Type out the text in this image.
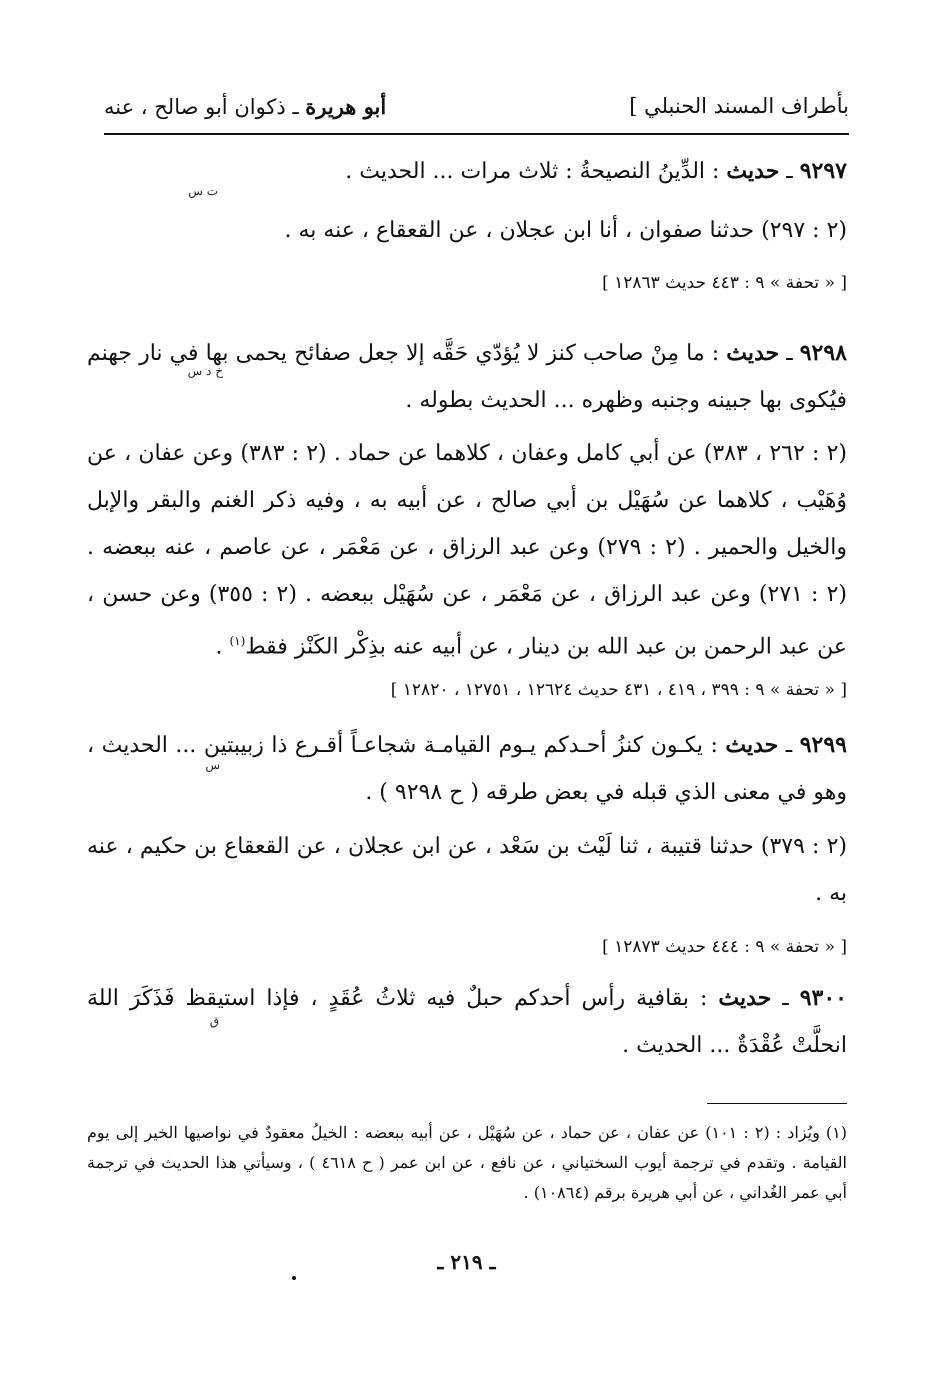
بأطراف المسند الحنبلي ]
أبو هريرة ـ ذكوان أبو صالح ، عنه
٩٢٩٧ ـ حديث : الدِّينُ النصيحةُ : ثلاث مرات ... الحديث .
ت س
(٢ : ٢٩٧) حدثنا صفوان ، أنا ابن عجلان ، عن القعقاع ، عنه به .
[ « تحفة » ٩ : ٤٤٣ حديث ١٢٨٦٣ ]
٩٢٩٨ ـ حديث : ما مِنْ صاحب كنز لا يُؤدّي حَقَّه إلا جعل صفائح يحمى بها في نار جهنم فيُكوى بها جبينه وجنبه وظهره ... الحديث بطوله .
خ د س
(٢ : ٢٦٢ ، ٣٨٣) عن أبي كامل وعفان ، كلاهما عن حماد . (٢ : ٣٨٣) وعن عفان ، عن وُهَيْب ، كلاهما عن سُهَيْل بن أبي صالح ، عن أبيه به ، وفيه ذكر الغنم والبقر والإبل والخيل والحمير . (٢ : ٢٧٩) وعن عبد الرزاق ، عن مَعْمَر ، عن عاصم ، عنه ببعضه . (٢ : ٢٧١) وعن عبد الرزاق ، عن مَعْمَر ، عن سُهَيْل ببعضه . (٢ : ٣٥٥) وعن حسن ، عن عبد الرحمن بن عبد الله بن دينار ، عن أبيه عنه بذِكْر الكَنْز فقط$^{(١)}$ .
[ « تحفة » ٩ : ٣٩٩ ، ٤١٩ ، ٤٣١ حديث ١٢٦٢٤ ، ١٢٧٥١ ، ١٢٨٢٠ ]
٩٢٩٩ ـ حديث : يكـون كنزُ أحـدكم يـوم القيامـة شجاعـاً أقـرع ذا زبيبتين ... الحديث ، وهو في معنى الذي قبله في بعض طرقه ( ح ٩٢٩٨ ) .
س
(٢ : ٣٧٩) حدثنا قتيبة ، ثنا لَيْث بن سَعْد ، عن ابن عجلان ، عن القعقاع بن حكيم ، عنه به .
[ « تحفة » ٩ : ٤٤٤ حديث ١٢٨٧٣ ]
٩٣٠٠ ـ حديث : بقافية رأس أحدكم حبلٌ فيه ثلاثُ عُقَدٍ ، فإذا استيقظ فَذَكَرَ اللهَ انحلَّتْ عُقْدَةٌ ... الحديث .
ق
(١) ويُزاد : (٢ : ١٠١) عن عفان ، عن حماد ، عن سُهَيْل ، عن أبيه ببعضه : الخيلُ معقودٌ في نواصيها الخير إلى يوم القيامة . وتقدم في ترجمة أيوب السختياني ، عن نافع ، عن ابن عمر ( ح ٤٦١٨ ) ، وسيأتي هذا الحديث في ترجمة أبي عمر الغُداني ، عن أبي هريرة برقم (١٠٨٦٤) .
ـ ٢١٩ ـ
